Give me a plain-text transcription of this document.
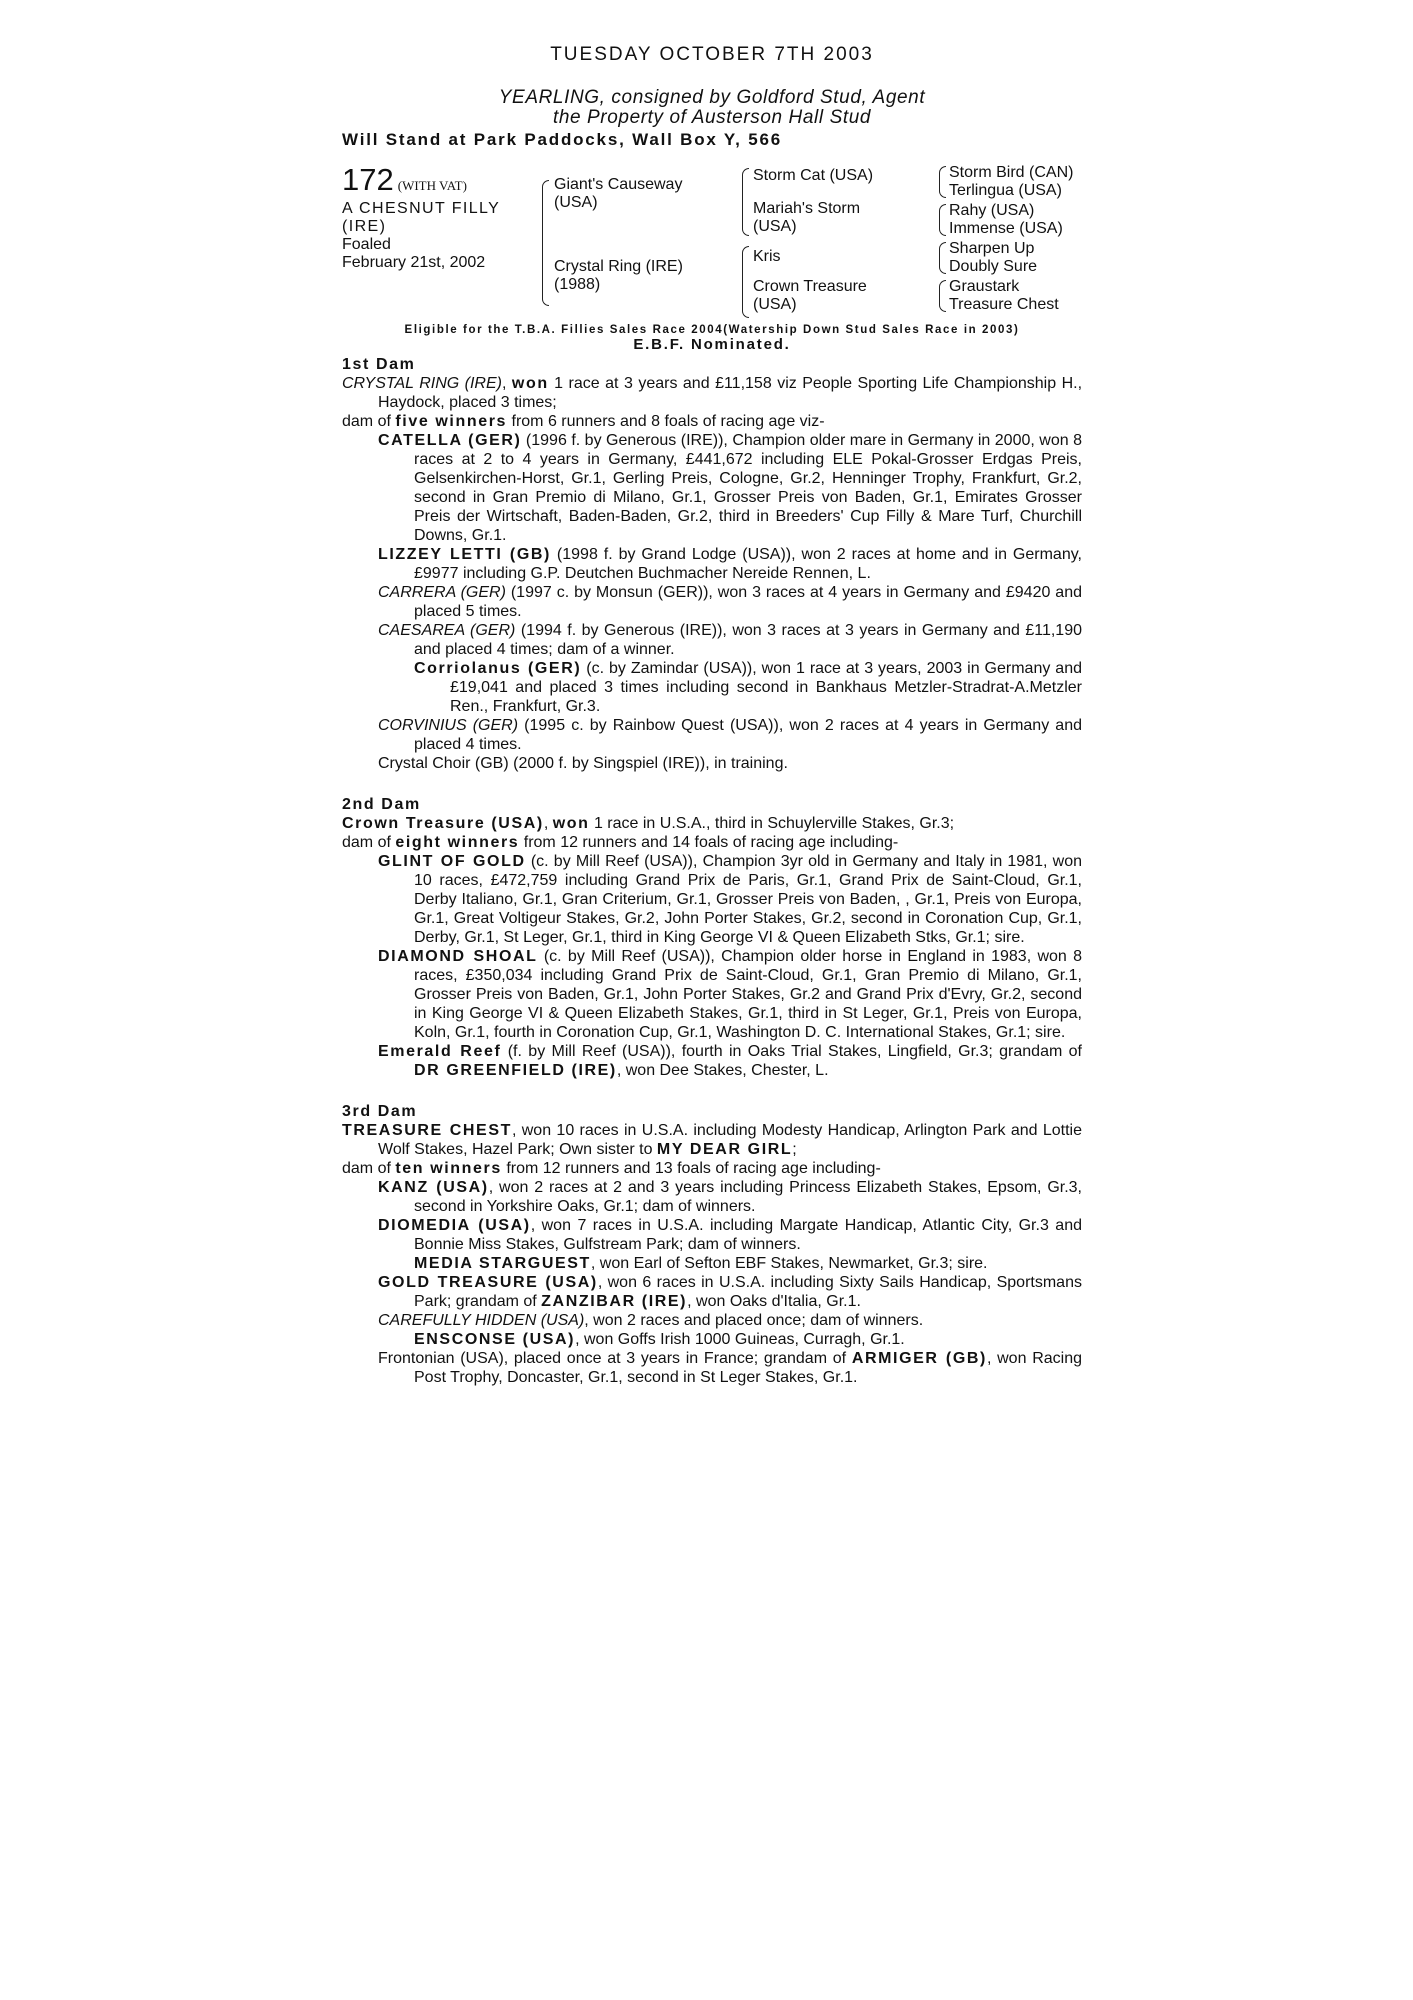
TUESDAY OCTOBER 7TH 2003
YEARLING, consigned by Goldford Stud, Agent
the Property of Austerson Hall Stud
Will Stand at Park Paddocks, Wall Box Y, 566
172 (WITH VAT)
A CHESNUT FILLY
(IRE)
Foaled
February 21st, 2002
Giant's Causeway (USA)
Crystal Ring (IRE) (1988)
Storm Cat (USA)
Mariah's Storm (USA)
Kris
Crown Treasure (USA)
Storm Bird (CAN)
Terlingua (USA)
Rahy (USA)
Immense (USA)
Sharpen Up
Doubly Sure
Graustark
Treasure Chest
Eligible for the T.B.A. Fillies Sales Race 2004(Watership Down Stud Sales Race in 2003)
E.B.F. Nominated.
1st Dam

CRYSTAL RING (IRE), won 1 race at 3 years and £11,158 viz People Sporting Life Championship H., Haydock, placed 3 times;

dam of five winners from 6 runners and 8 foals of racing age viz-

CATELLA (GER) (1996 f. by Generous (IRE)), Champion older mare in Germany in 2000, won 8 races at 2 to 4 years in Germany, £441,672 including ELE Pokal-Grosser Erdgas Preis, Gelsenkirchen-Horst, Gr.1, Gerling Preis, Cologne, Gr.2, Henninger Trophy, Frankfurt, Gr.2, second in Gran Premio di Milano, Gr.1, Grosser Preis von Baden, Gr.1, Emirates Grosser Preis der Wirtschaft, Baden-Baden, Gr.2, third in Breeders' Cup Filly & Mare Turf, Churchill Downs, Gr.1.

LIZZEY LETTI (GB) (1998 f. by Grand Lodge (USA)), won 2 races at home and in Germany, £9977 including G.P. Deutchen Buchmacher Nereide Rennen, L.

CARRERA (GER) (1997 c. by Monsun (GER)), won 3 races at 4 years in Germany and £9420 and placed 5 times.

CAESAREA (GER) (1994 f. by Generous (IRE)), won 3 races at 3 years in Germany and £11,190 and placed 4 times; dam of a winner.

Corriolanus (GER) (c. by Zamindar (USA)), won 1 race at 3 years, 2003 in Germany and £19,041 and placed 3 times including second in Bankhaus Metzler-Stradrat-A.Metzler Ren., Frankfurt, Gr.3.

CORVINIUS (GER) (1995 c. by Rainbow Quest (USA)), won 2 races at 4 years in Germany and placed 4 times.

Crystal Choir (GB) (2000 f. by Singspiel (IRE)), in training.

2nd Dam

Crown Treasure (USA), won 1 race in U.S.A., third in Schuylerville Stakes, Gr.3;

dam of eight winners from 12 runners and 14 foals of racing age including-

GLINT OF GOLD (c. by Mill Reef (USA)), Champion 3yr old in Germany and Italy in 1981, won 10 races, £472,759 including Grand Prix de Paris, Gr.1, Grand Prix de Saint-Cloud, Gr.1, Derby Italiano, Gr.1, Gran Criterium, Gr.1, Grosser Preis von Baden, , Gr.1, Preis von Europa, Gr.1, Great Voltigeur Stakes, Gr.2, John Porter Stakes, Gr.2, second in Coronation Cup, Gr.1, Derby, Gr.1, St Leger, Gr.1, third in King George VI & Queen Elizabeth Stks, Gr.1; sire.

DIAMOND SHOAL (c. by Mill Reef (USA)), Champion older horse in England in 1983, won 8 races, £350,034 including Grand Prix de Saint-Cloud, Gr.1, Gran Premio di Milano, Gr.1, Grosser Preis von Baden, Gr.1, John Porter Stakes, Gr.2 and Grand Prix d'Evry, Gr.2, second in King George VI & Queen Elizabeth Stakes, Gr.1, third in St Leger, Gr.1, Preis von Europa, Koln, Gr.1, fourth in Coronation Cup, Gr.1, Washington D. C. International Stakes, Gr.1; sire.

Emerald Reef (f. by Mill Reef (USA)), fourth in Oaks Trial Stakes, Lingfield, Gr.3; grandam of DR GREENFIELD (IRE), won Dee Stakes, Chester, L.

3rd Dam

TREASURE CHEST, won 10 races in U.S.A. including Modesty Handicap, Arlington Park and Lottie Wolf Stakes, Hazel Park; Own sister to MY DEAR GIRL;

dam of ten winners from 12 runners and 13 foals of racing age including-

KANZ (USA), won 2 races at 2 and 3 years including Princess Elizabeth Stakes, Epsom, Gr.3, second in Yorkshire Oaks, Gr.1; dam of winners.

DIOMEDIA (USA), won 7 races in U.S.A. including Margate Handicap, Atlantic City, Gr.3 and Bonnie Miss Stakes, Gulfstream Park; dam of winners.

MEDIA STARGUEST, won Earl of Sefton EBF Stakes, Newmarket, Gr.3; sire.

GOLD TREASURE (USA), won 6 races in U.S.A. including Sixty Sails Handicap, Sportsmans Park; grandam of ZANZIBAR (IRE), won Oaks d'Italia, Gr.1.

CAREFULLY HIDDEN (USA), won 2 races and placed once; dam of winners.

ENSCONSE (USA), won Goffs Irish 1000 Guineas, Curragh, Gr.1.

Frontonian (USA), placed once at 3 years in France; grandam of ARMIGER (GB), won Racing Post Trophy, Doncaster, Gr.1, second in St Leger Stakes, Gr.1.
